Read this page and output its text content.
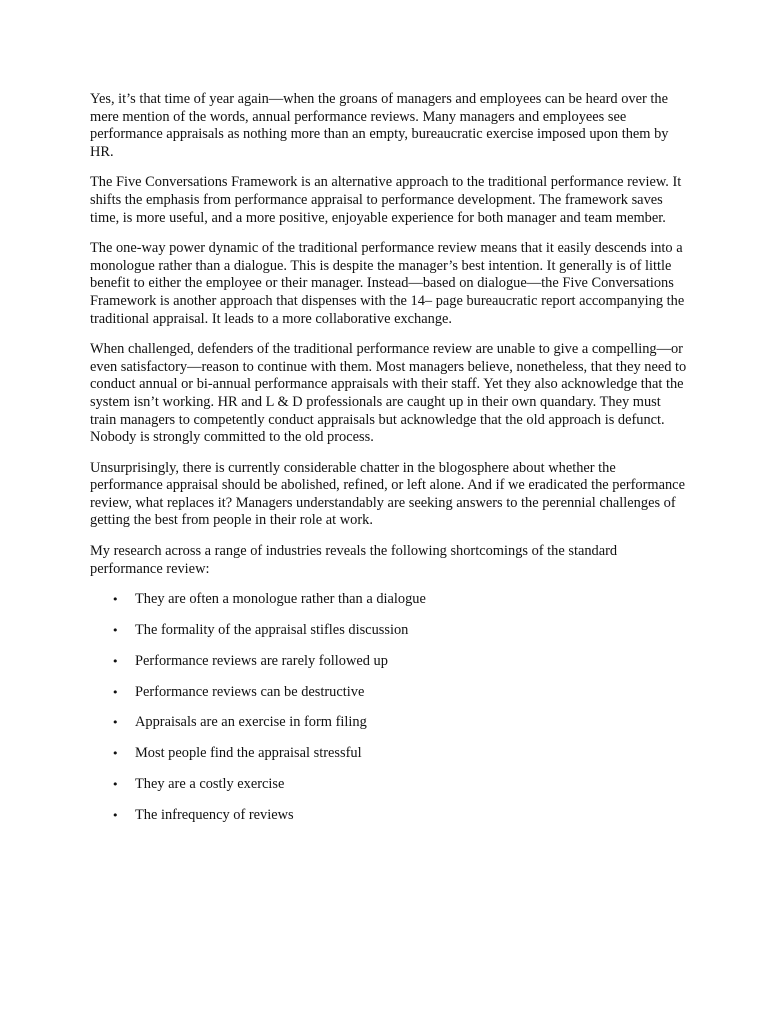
Yes, it’s that time of year again—when the groans of managers and employees can be heard over the mere mention of the words, annual performance reviews. Many managers and employees see performance appraisals as nothing more than an empty, bureaucratic exercise imposed upon them by HR.

The Five Conversations Framework is an alternative approach to the traditional performance review. It shifts the emphasis from performance appraisal to performance development. The framework saves time, is more useful, and a more positive, enjoyable experience for both manager and team member.

The one-way power dynamic of the traditional performance review means that it easily descends into a monologue rather than a dialogue. This is despite the manager’s best intention. It generally is of little benefit to either the employee or their manager. Instead—based on dialogue—the Five Conversations Framework is another approach that dispenses with the 14– page bureaucratic report accompanying the traditional appraisal. It leads to a more collaborative exchange.

When challenged, defenders of the traditional performance review are unable to give a compelling—or even satisfactory—reason to continue with them. Most managers believe, nonetheless, that they need to conduct annual or bi-annual performance appraisals with their staff. Yet they also acknowledge that the system isn’t working. HR and L & D professionals are caught up in their own quandary. They must train managers to competently conduct appraisals but acknowledge that the old approach is defunct. Nobody is strongly committed to the old process.

Unsurprisingly, there is currently considerable chatter in the blogosphere about whether the performance appraisal should be abolished, refined, or left alone. And if we eradicated the performance review, what replaces it? Managers understandably are seeking answers to the perennial challenges of getting the best from people in their role at work.

My research across a range of industries reveals the following shortcomings of the standard performance review:

• They are often a monologue rather than a dialogue
• The formality of the appraisal stifles discussion
• Performance reviews are rarely followed up
• Performance reviews can be destructive
• Appraisals are an exercise in form filing
• Most people find the appraisal stressful
• They are a costly exercise
• The infrequency of reviews
